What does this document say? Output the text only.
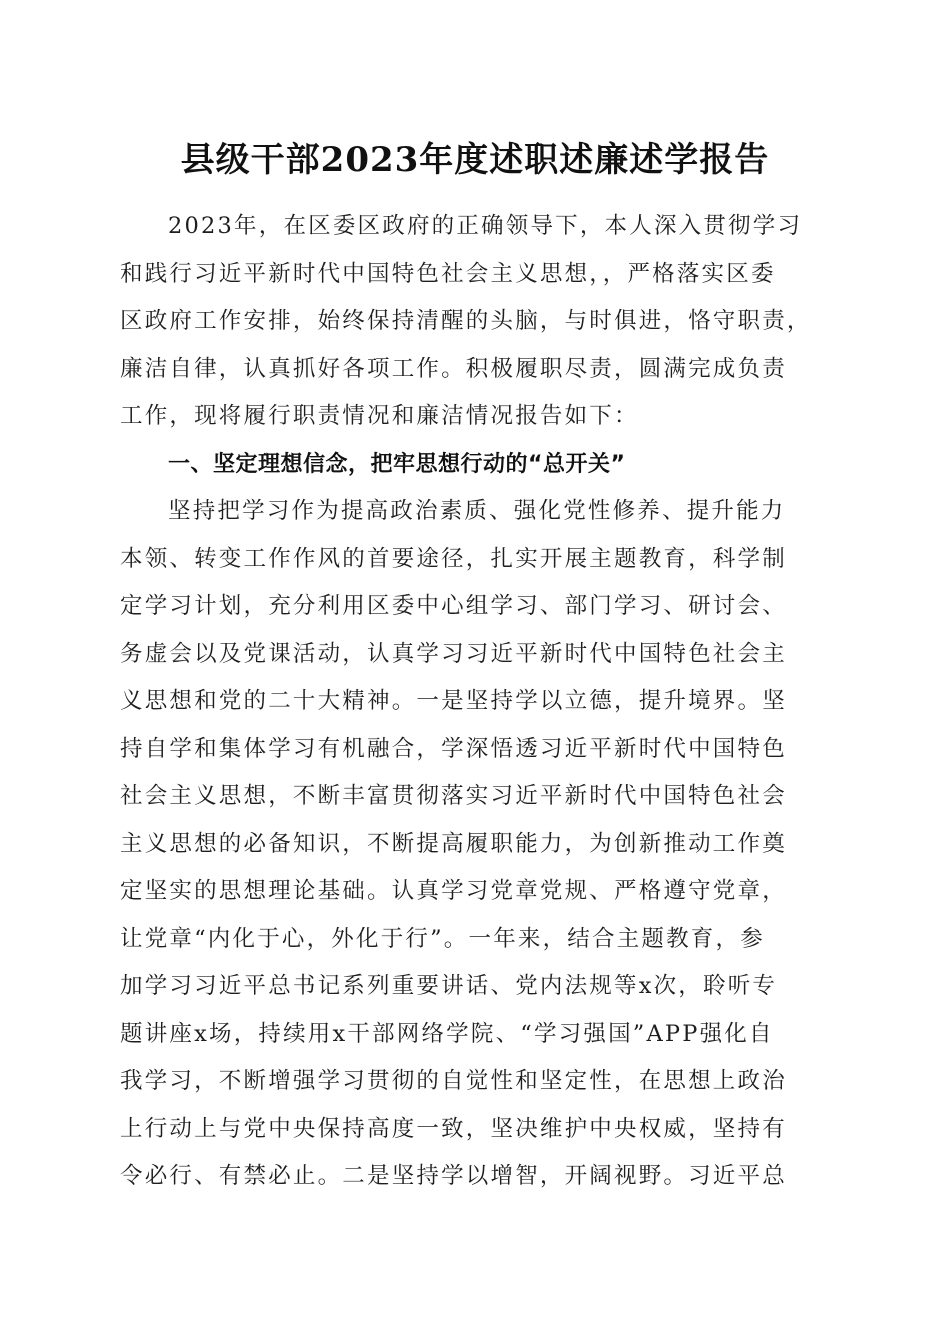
县级干部2023年度述职述廉述学报告
2023年，在区委区政府的正确领导下，本人深入贯彻学习
和践行习近平新时代中国特色社会主义思想，，严格落实区委
区政府工作安排，始终保持清醒的头脑，与时俱进，恪守职责，
廉洁自律，认真抓好各项工作。积极履职尽责，圆满完成负责
工作，现将履行职责情况和廉洁情况报告如下：
一、坚定理想信念，把牢思想行动的“总开关”
坚持把学习作为提高政治素质、强化党性修养、提升能力
本领、转变工作作风的首要途径，扎实开展主题教育，科学制
定学习计划，充分利用区委中心组学习、部门学习、研讨会、
务虚会以及党课活动，认真学习习近平新时代中国特色社会主
义思想和党的二十大精神。一是坚持学以立德，提升境界。坚
持自学和集体学习有机融合，学深悟透习近平新时代中国特色
社会主义思想，不断丰富贯彻落实习近平新时代中国特色社会
主义思想的必备知识，不断提高履职能力，为创新推动工作奠
定坚实的思想理论基础。认真学习党章党规、严格遵守党章，
让党章“内化于心，外化于行”。一年来，结合主题教育，参
加学习习近平总书记系列重要讲话、党内法规等x次，聆听专
题讲座x场，持续用x干部网络学院、“学习强国”APP强化自
我学习，不断增强学习贯彻的自觉性和坚定性，在思想上政治
上行动上与党中央保持高度一致，坚决维护中央权威，坚持有
令必行、有禁必止。二是坚持学以增智，开阔视野。习近平总
